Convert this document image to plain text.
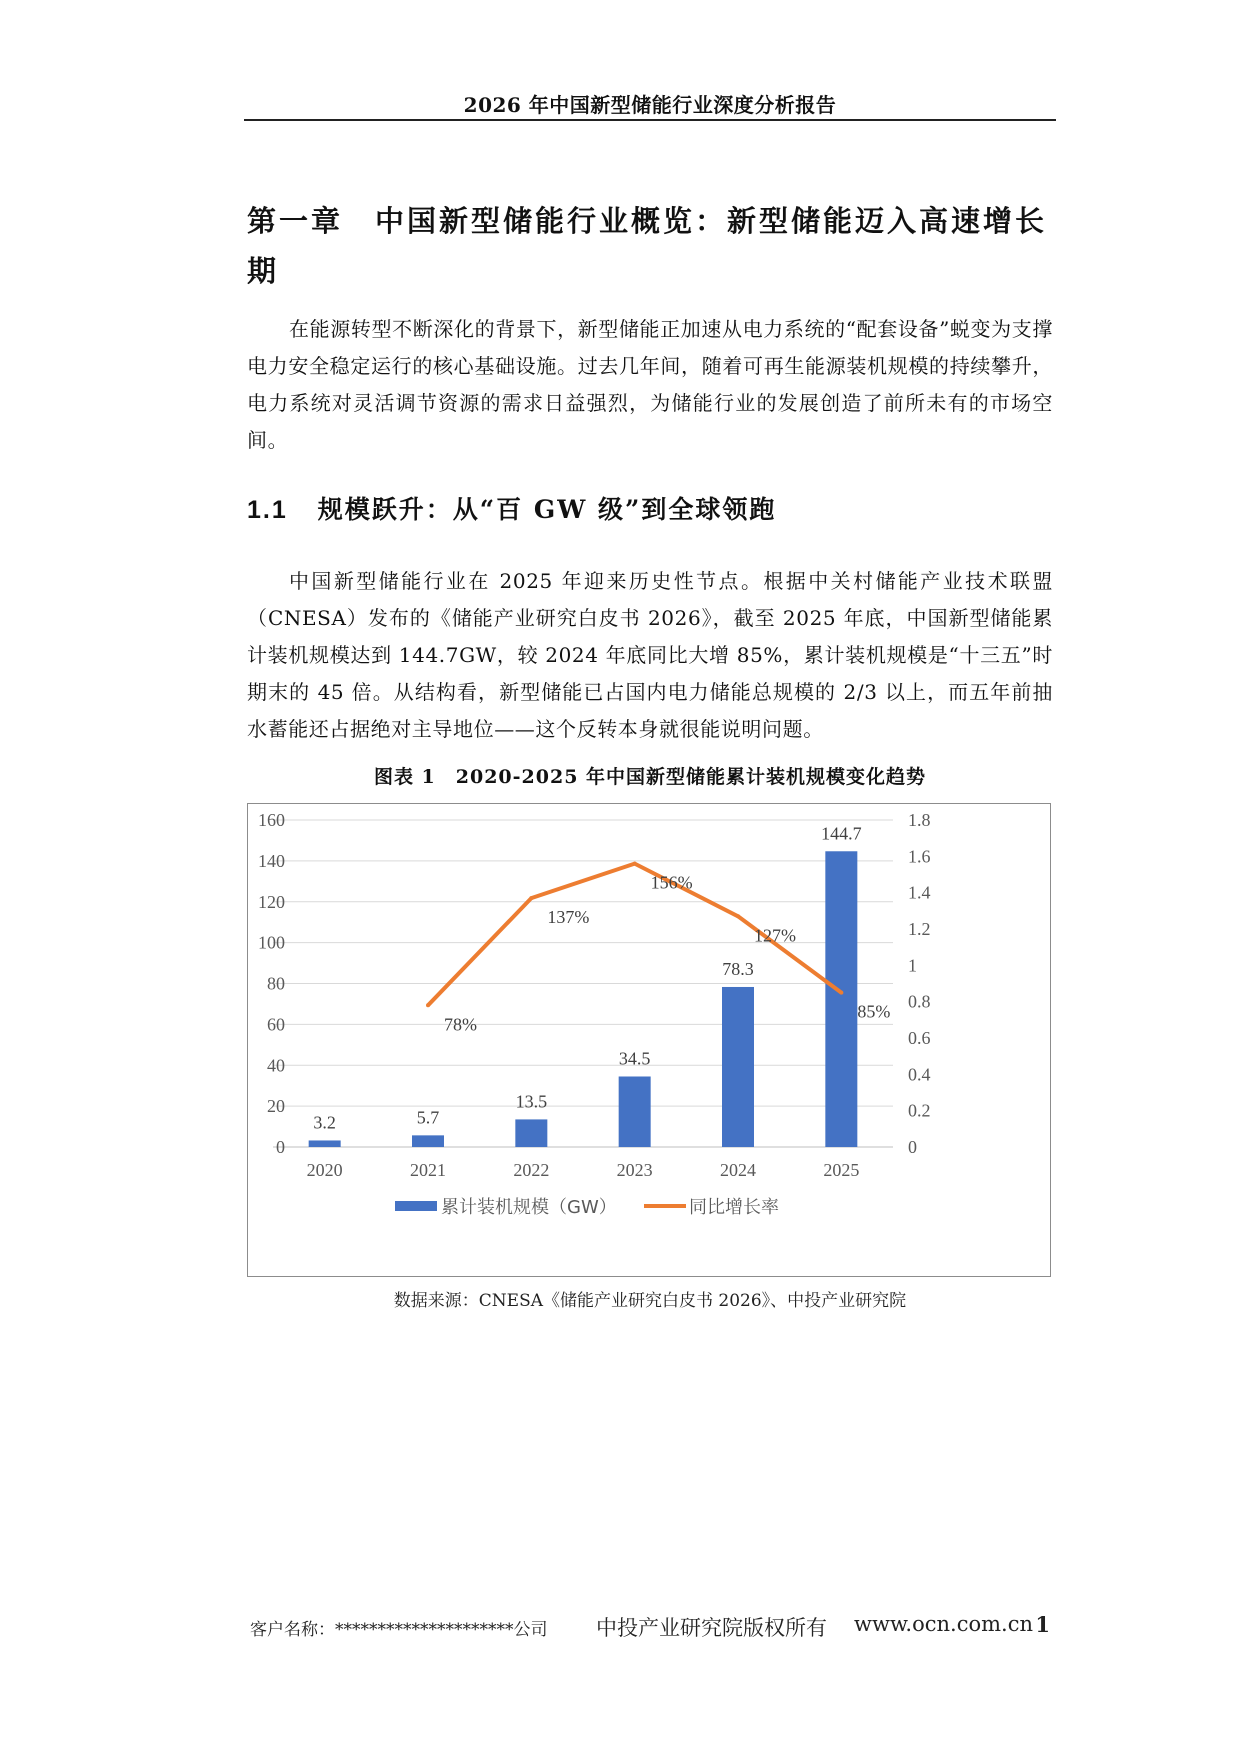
2026 年中国新型储能行业深度分析报告
第一章　中国新型储能行业概览：新型储能迈入高速增长期
在能源转型不断深化的背景下，新型储能正加速从电力系统的“配套设备”蜕变为支撑电力安全稳定运行的核心基础设施。过去几年间，随着可再生能源装机规模的持续攀升，电力系统对灵活调节资源的需求日益强烈，为储能行业的发展创造了前所未有的市场空间。
1.1 规模跃升：从“百 GW 级”到全球领跑
中国新型储能行业在 2025 年迎来历史性节点。根据中关村储能产业技术联盟（CNESA）发布的《储能产业研究白皮书 2026》，截至 2025 年底，中国新型储能累计装机规模达到 144.7GW，较 2024 年底同比大增 85%，累计装机规模是“十三五”时期末的 45 倍。从结构看，新型储能已占国内电力储能总规模的 2/3 以上，而五年前抽水蓄能还占据绝对主导地位——这个反转本身就很能说明问题。
图表 1　2020-2025 年中国新型储能累计装机规模变化趋势
0
20
40
60
80
100
120
140
160
0
0.2
0.4
0.6
0.8
1
1.2
1.4
1.6
1.8
2020	2021	2022	2023	2024	2025
3.2	5.7
13.5
34.5
78.3
144.7
78%
137%
156%
127%
85%
累计装机规模（GW）	同比增长率
数据来源：CNESA《储能产业研究白皮书 2026》、中投产业研究院
客户名称：*********************公司 中投产业研究院版权所有 www.ocn.com.cn 1
